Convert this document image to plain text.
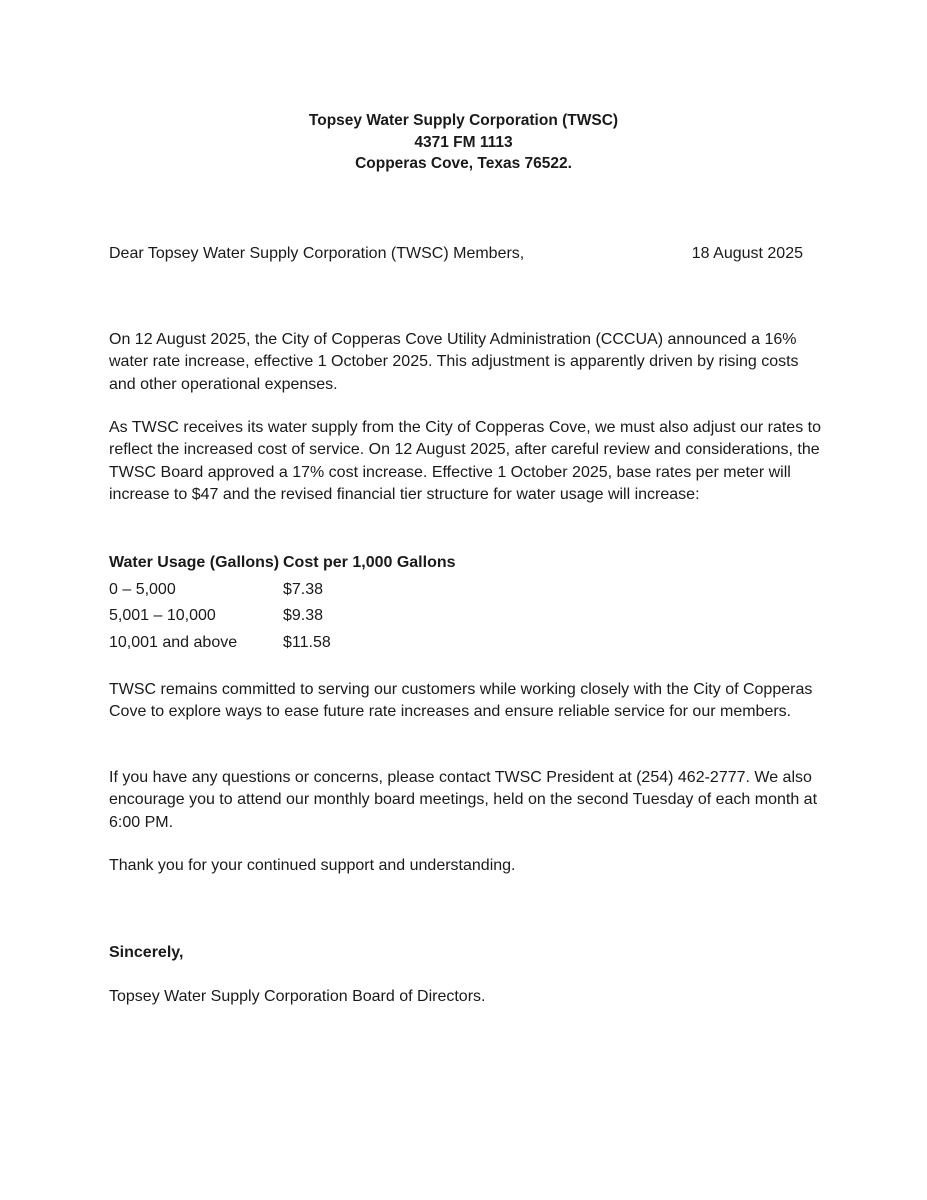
Topsey Water Supply Corporation (TWSC)
4371 FM 1113
Copperas Cove, Texas 76522.
Dear Topsey Water Supply Corporation (TWSC) Members,	18 August 2025

On 12 August 2025, the City of Copperas Cove Utility Administration (CCCUA) announced a 16% water rate increase, effective 1 October 2025. This adjustment is apparently driven by rising costs and other operational expenses.

As TWSC receives its water supply from the City of Copperas Cove, we must also adjust our rates to reflect the increased cost of service. On 12 August 2025, after careful review and considerations, the TWSC Board approved a 17% cost increase. Effective 1 October 2025, base rates per meter will increase to $47 and the revised financial tier structure for water usage will increase:

Water Usage (Gallons)	Cost per 1,000 Gallons
0 – 5,000	$7.38
5,001 – 10,000	$9.38
10,001 and above	$11.58

TWSC remains committed to serving our customers while working closely with the City of Copperas Cove to explore ways to ease future rate increases and ensure reliable service for our members.

If you have any questions or concerns, please contact TWSC President at (254) 462-2777. We also encourage you to attend our monthly board meetings, held on the second Tuesday of each month at 6:00 PM.

Thank you for your continued support and understanding.

Sincerely,
Topsey Water Supply Corporation Board of Directors.
